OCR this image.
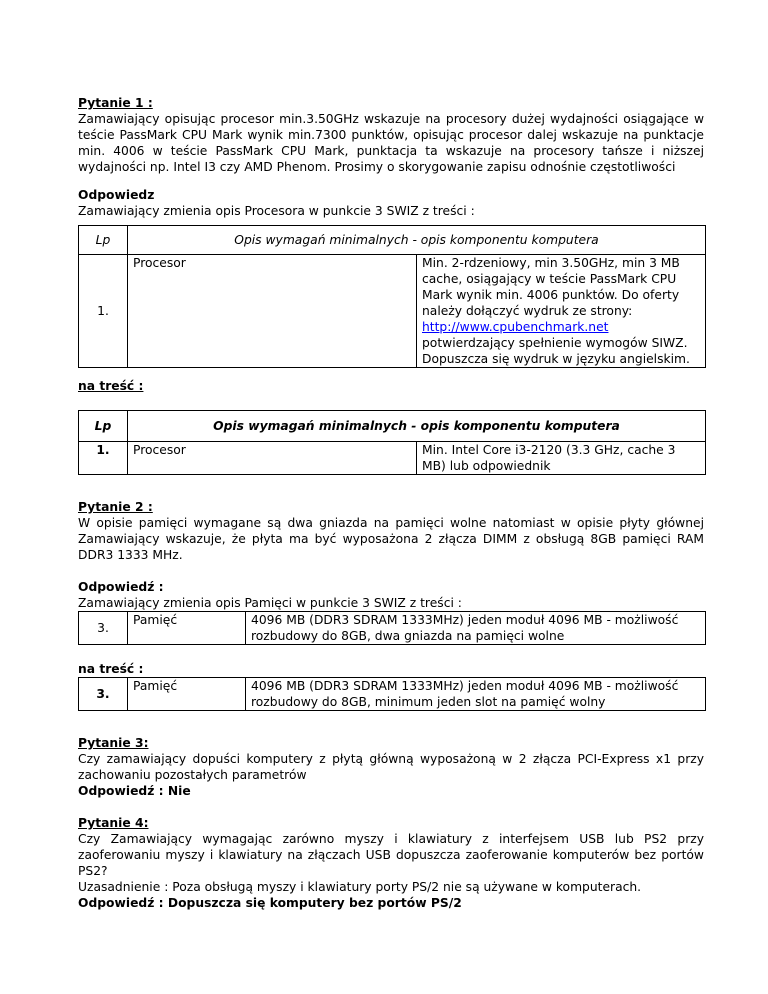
Pytanie 1 :

Zamawiający opisując procesor min.3.50GHz wskazuje na procesory dużej wydajności osiągające w teście PassMark CPU Mark wynik min.7300 punktów, opisując procesor dalej wskazuje na punktacje min. 4006 w teście PassMark CPU Mark, punktacja ta wskazuje na procesory tańsze i niższej wydajności np. Intel I3 czy AMD Phenom. Prosimy o skorygowanie zapisu odnośnie częstotliwości

Odpowiedz

Zamawiający zmienia opis Procesora w punkcie 3 SWIZ z treści :

Lp	Opis wymagań minimalnych - opis komponentu komputera	
1.	Procesor	Min. 2-rdzeniowy, min 3.50GHz, min 3 MB cache, osiągający w teście PassMark CPU Mark wynik min. 4006 punktów. Do oferty należy dołączyć wydruk ze strony: http://www.cpubenchmark.net potwierdzający spełnienie wymogów SIWZ. Dopuszcza się wydruk w języku angielskim.

na treść :

Lp	Opis wymagań minimalnych - opis komponentu komputera	
1.	Procesor	Min. Intel Core i3-2120 (3.3 GHz, cache 3 MB) lub odpowiednik

Pytanie 2 :

W opisie pamięci wymagane są dwa gniazda na pamięci wolne natomiast w opisie płyty głównej Zamawiający wskazuje, że płyta ma być wyposażona 2 złącza DIMM z obsługą 8GB pamięci RAM DDR3 1333 MHz.

Odpowiedź :

Zamawiający zmienia opis Pamięci w punkcie 3 SWIZ z treści :

3.	Pamięć	4096 MB (DDR3 SDRAM 1333MHz) jeden moduł 4096 MB - możliwość rozbudowy do 8GB, dwa gniazda na pamięci wolne

na treść :

3.	Pamięć	4096 MB (DDR3 SDRAM 1333MHz) jeden moduł 4096 MB - możliwość rozbudowy do 8GB, minimum jeden slot na pamięć wolny

Pytanie 3:

Czy zamawiający dopuści komputery z płytą główną wyposażoną w 2 złącza PCI-Express x1 przy zachowaniu pozostałych parametrów

Odpowiedź : Nie

Pytanie 4:

Czy Zamawiający wymagając zarówno myszy i klawiatury z interfejsem USB lub PS2 przy zaoferowaniu myszy i klawiatury na złączach USB dopuszcza zaoferowanie komputerów bez portów PS2?

Uzasadnienie : Poza obsługą myszy i klawiatury porty PS/2 nie są używane w komputerach.

Odpowiedź : Dopuszcza się komputery bez portów PS/2
